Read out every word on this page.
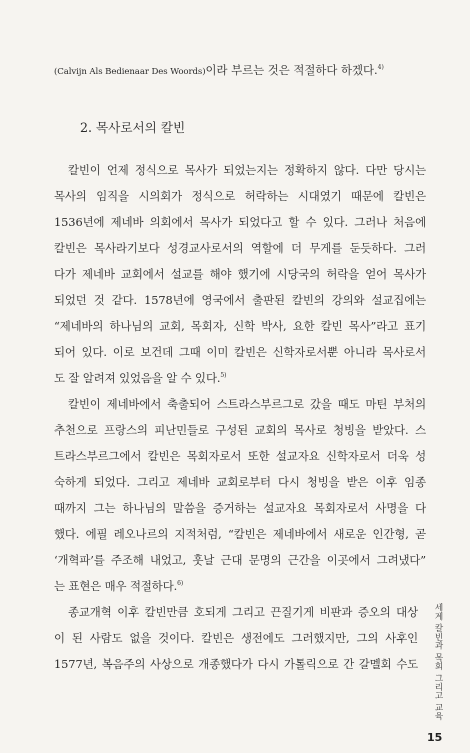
(Calvijn Als Bedienaar Des Woords)이라 부르는 것은 적절하다 하겠다.$^{4)}$
2. 목사로서의 칼빈
칼빈이 언제 정식으로 목사가 되었는지는 정확하지 않다. 다만 당시는
목사의 임직을 시의회가 정식으로 허락하는 시대였기 때문에 칼빈은
1536년에 제네바 의회에서 목사가 되었다고 할 수 있다. 그러나 처음에
칼빈은 목사라기보다 성경교사로서의 역할에 더 무게를 둔듯하다. 그러
다가 제네바 교회에서 설교를 해야 했기에 시당국의 허락을 얻어 목사가
되었던 것 같다. 1578년에 영국에서 출판된 칼빈의 강의와 설교집에는
“제네바의 하나님의 교회, 목회자, 신학 박사, 요한 칼빈 목사”라고 표기
되어 있다. 이로 보건데 그때 이미 칼빈은 신학자로서뿐 아니라 목사로서
도 잘 알려져 있었음을 알 수 있다.$^{5)}$
칼빈이 제네바에서 축출되어 스트라스부르그로 갔을 때도 마틴 부처의
추천으로 프랑스의 피난민들로 구성된 교회의 목사로 청빙을 받았다. 스
트라스부르그에서 칼빈은 목회자로서 또한 설교자요 신학자로서 더욱 성
숙하게 되었다. 그리고 제네바 교회로부터 다시 청빙을 받은 이후 임종
때까지 그는 하나님의 말씀을 증거하는 설교자요 목회자로서 사명을 다
했다. 에필 레오나르의 지적처럼, “칼빈은 제네바에서 새로운 인간형, 곧
‘개혁파’를 주조해 내었고, 훗날 근대 문명의 근간을 이곳에서 그려냈다”
는 표현은 매우 적절하다.$^{6)}$
종교개혁 이후 칼빈만큼 호되게 그리고 끈질기게 비판과 증오의 대상
이 된 사람도 없을 것이다. 칼빈은 생전에도 그러했지만, 그의 사후인
1577년, 복음주의 사상으로 개종했다가 다시 가톨릭으로 간 갈멜회 수도	세계 칼빈과 목회 그리고 교육
15
